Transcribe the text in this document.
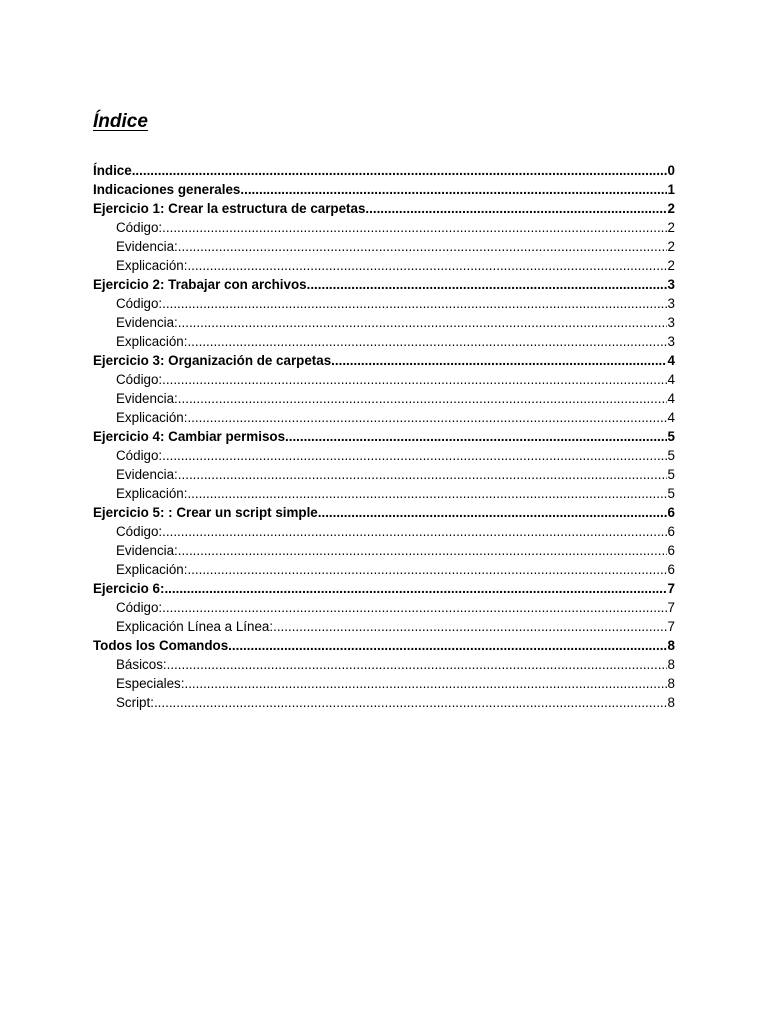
Índice
Índice .....	0
Indicaciones generales .....	1
Ejercicio 1: Crear la estructura de carpetas .....	2
Código: .....	2
Evidencia: .....	2
Explicación: .....	2
Ejercicio 2: Trabajar con archivos .....	3
Código: .....	3
Evidencia: .....	3
Explicación: .....	3
Ejercicio 3: Organización de carpetas .....	4
Código: .....	4
Evidencia: .....	4
Explicación: .....	4
Ejercicio 4: Cambiar permisos .....	5
Código: .....	5
Evidencia: .....	5
Explicación: .....	5
Ejercicio 5: : Crear un script simple .....	6
Código: .....	6
Evidencia: .....	6
Explicación: .....	6
Ejercicio 6: .....	7
Código: .....	7
Explicación Línea a Línea: .....	7
Todos los Comandos .....	8
Básicos: .....	8
Especiales: .....	8
Script: .....	8
